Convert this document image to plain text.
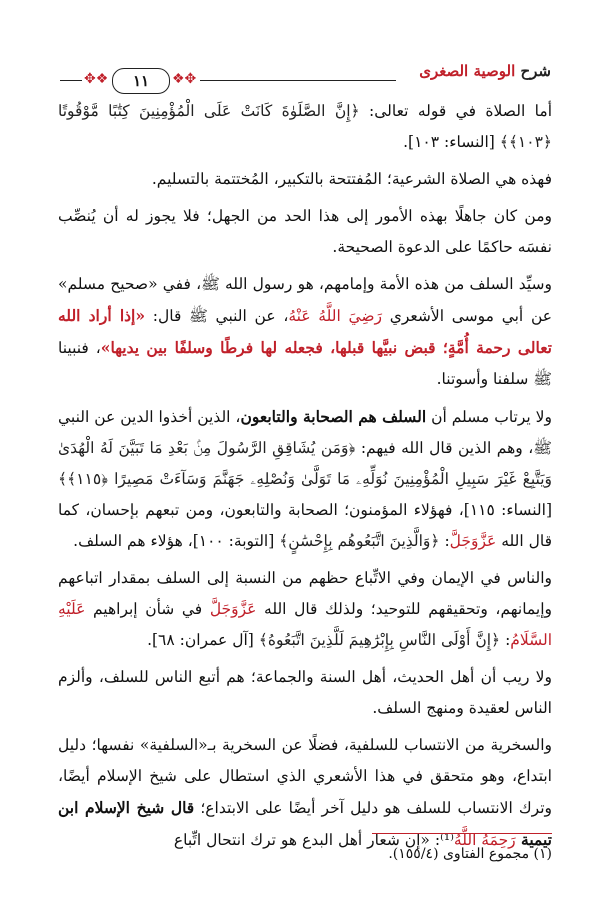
✥❖	١١	❖✥	شرح الوصية الصغرى

أما الصلاة في قوله تعالى: ﴿إِنَّ الصَّلَوٰةَ كَانَتْ عَلَى الْمُؤْمِنِينَ كِتَٰبًا مَّوْقُوتًا ﴿١٠٣﴾﴾ [النساء: ١٠٣].

فهذه هي الصلاة الشرعية؛ المُفتتحة بالتكبير، المُختتمة بالتسليم.

ومن كان جاهلًا بهذه الأمور إلى هذا الحد من الجهل؛ فلا يجوز له أن يُنصِّب نفسَه حاكمًا على الدعوة الصحيحة.

وسيِّد السلف من هذه الأمة وإمامهم، هو رسول الله ﷺ، ففي «صحيح مسلم» عن أبي موسى الأشعري رَضِيَ اللَّهُ عَنْهُ، عن النبي ﷺ قال: «إذا أراد الله تعالى رحمة أُمَّةٍ؛ قبض نبيَّها قبلها، فجعله لها فرطًا وسلفًا بين يديها»، فنبينا ﷺ سلفنا وأسوتنا.

ولا يرتاب مسلم أن السلف هم الصحابة والتابعون، الذين أخذوا الدين عن النبي ﷺ، وهم الذين قال الله فيهم: ﴿وَمَن يُشَاقِقِ الرَّسُولَ مِنۢ بَعْدِ مَا تَبَيَّنَ لَهُ الْهُدَىٰ وَيَتَّبِعْ غَيْرَ سَبِيلِ الْمُؤْمِنِينَ نُوَلِّهِۦ مَا تَوَلَّىٰ وَنُصْلِهِۦ جَهَنَّمَ وَسَآءَتْ مَصِيرًا ﴿١١٥﴾﴾ [النساء: ١١٥]، فهؤلاء المؤمنون؛ الصحابة والتابعون، ومن تبعهم بإحسان، كما قال الله عَزَّوَجَلَّ: ﴿وَالَّذِينَ اتَّبَعُوهُم بِإِحْسَٰنٍ﴾ [التوبة: ١٠٠]، هؤلاء هم السلف.

والناس في الإيمان وفي الاتِّباع حظهم من النسبة إلى السلف بمقدار اتباعهم وإيمانهم، وتحقيقهم للتوحيد؛ ولذلك قال الله عَزَّوَجَلَّ في شأن إبراهيم عَلَيْهِ السَّلَامُ: ﴿إِنَّ أَوْلَى النَّاسِ بِإِبْرَٰهِيمَ لَلَّذِينَ اتَّبَعُوهُ﴾ [آل عمران: ٦٨].

ولا ريب أن أهل الحديث، أهل السنة والجماعة؛ هم أتبع الناس للسلف، وألزم الناس لعقيدة ومنهج السلف.

والسخرية من الانتساب للسلفية، فضلًا عن السخرية بـ«السلفية» نفسها؛ دليل ابتداع، وهو متحقق في هذا الأشعري الذي استطال على شيخ الإسلام أيضًا، وترك الانتساب للسلف هو دليل آخر أيضًا على الابتداع؛ قال شيخ الإسلام ابن تيمية رَحِمَهُ اللَّهُ⁽¹⁾: «إن شعار أهل البدع هو ترك انتحال اتِّباع

(١) مجموع الفتاوى (١٥٥/٤).
